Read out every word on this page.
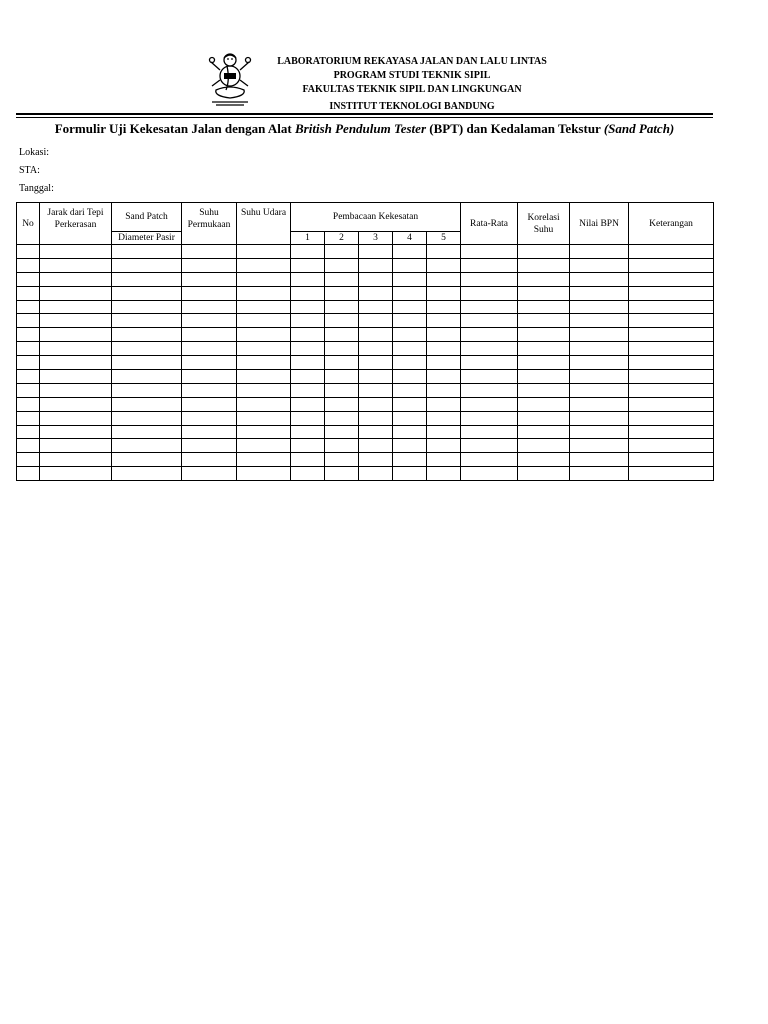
LABORATORIUM REKAYASA JALAN DAN LALU LINTAS
PROGRAM STUDI TEKNIK SIPIL
FAKULTAS TEKNIK SIPIL DAN LINGKUNGAN
INSTITUT TEKNOLOGI BANDUNG
Formulir Uji Kekesatan Jalan dengan Alat British Pendulum Tester (BPT) dan Kedalaman Tekstur (Sand Patch)
Lokasi:
STA:
Tanggal:
No	Jarak dari Tepi Perkerasan	Sand Patch	Suhu Permukaan	Suhu Udara	Pembacaan Kekesatan					Rata-Rata	Korelasi Suhu	Nilai BPN	Keterangan
		Diameter Pasir			1	2	3	4	5				
